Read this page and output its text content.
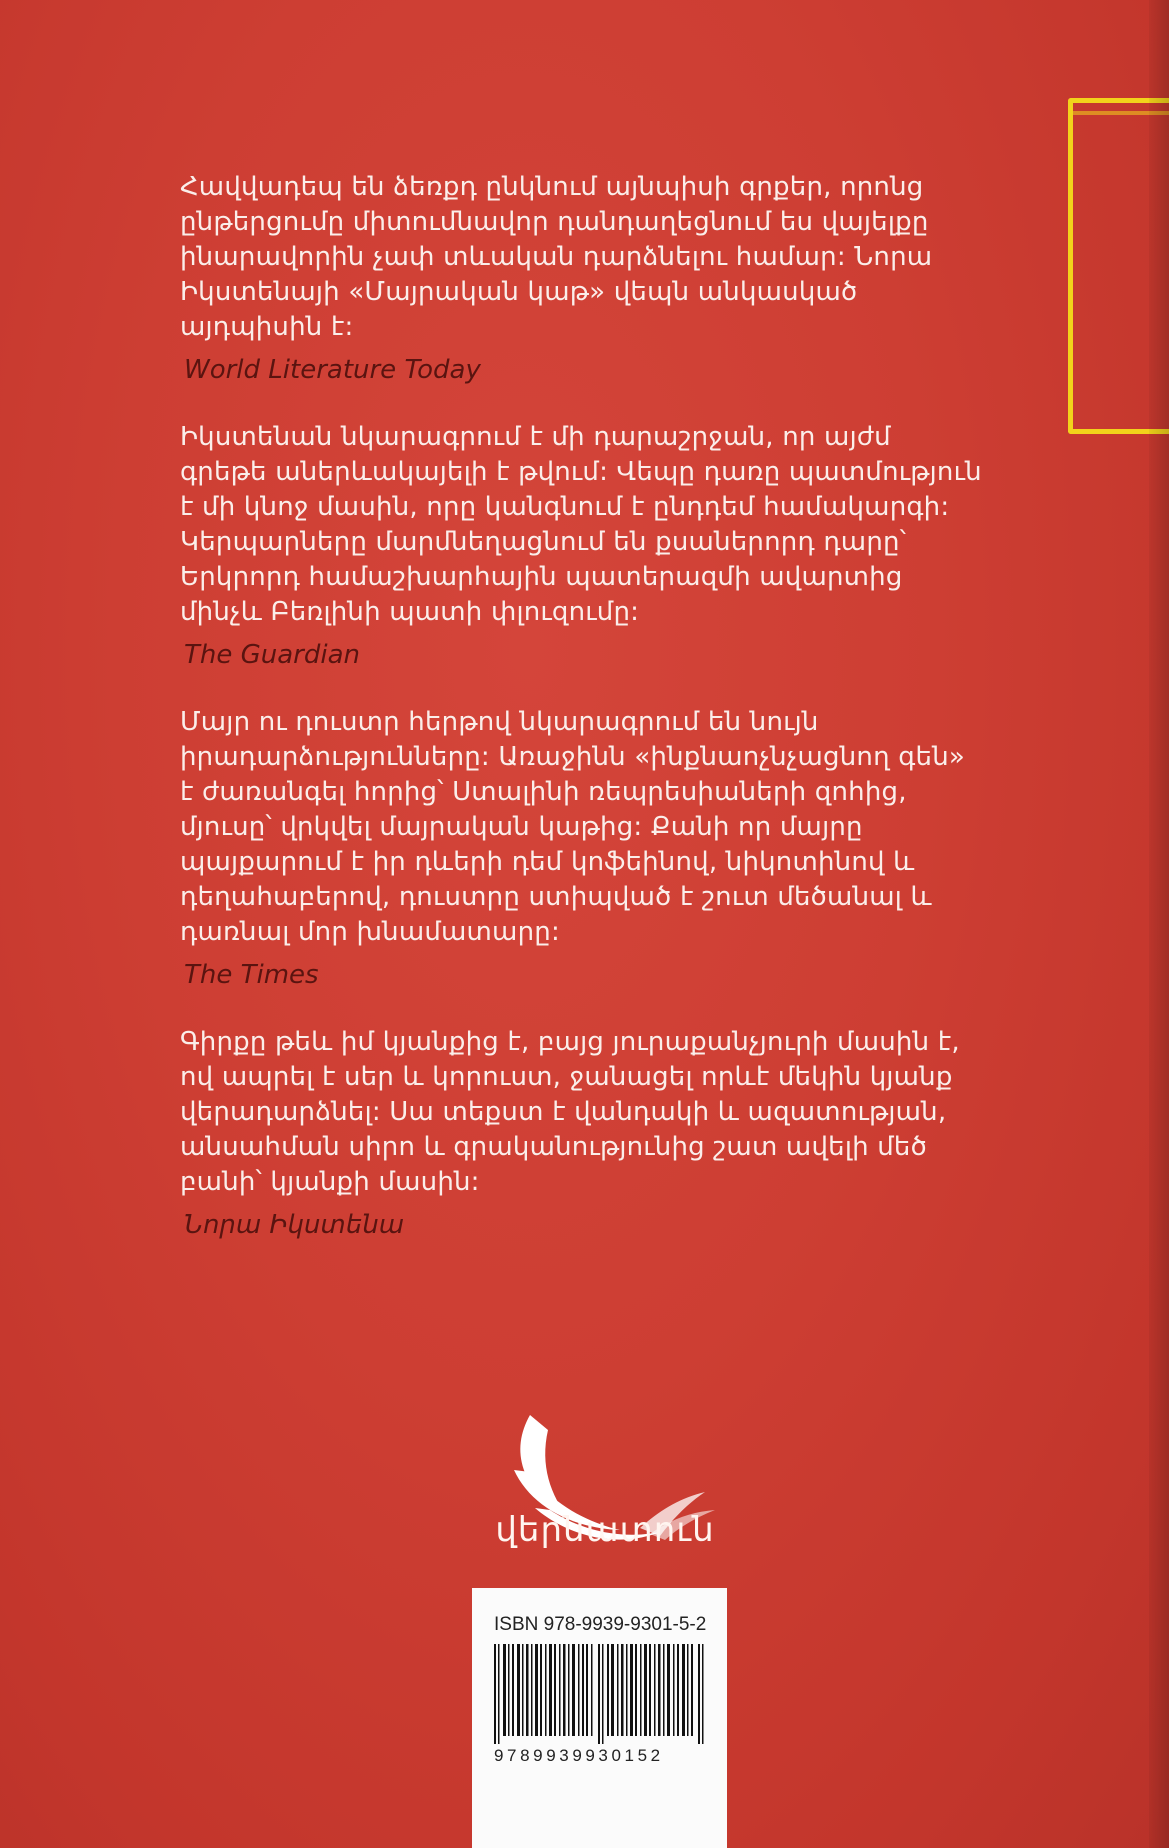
Հավվադեպ են ձեռքդ ընկնում այնպիսի գրքեր, որոնց

ընթերցումը միտումնավոր դանդաղեցնում ես վայելքը

ինարավորին չափ տևական դարձնելու համար: Նորա

Իկստենայի «Մայրական կաթ» վեպն անկասկած

այդպիսին է:

World Literature Today

Իկստենան նկարագրում է մի դարաշրջան, որ այժմ

գրեթե աներևակայելի է թվում: Վեպը դառը պատմություն

է մի կնոջ մասին, որը կանգնում է ընդդեմ համակարգի:

Կերպարները մարմնեղացնում են քսաներորդ դարը՝

Երկրորդ համաշխարհային պատերազմի ավարտից

մինչև Բեռլինի պատի փլուզումը:

The Guardian

Մայր ու դուստր հերթով նկարագրում են նույն

իրադարձությունները: Առաջինն «ինքնաոչնչացնող գեն»

է ժառանգել հորից՝ Ստալինի ռեպրեսիաների զոհից,

մյուսը՝ վրկվել մայրական կաթից: Քանի որ մայրը

պայքարում է իր դևերի դեմ կոֆեինով, նիկոտինով և

դեղահաբերով, դուստրը ստիպված է շուտ մեծանալ և

դառնալ մոր խնամատարը:

The Times

Գիրքը թեև իմ կյանքից է, բայց յուրաքանչյուրի մասին է,

ով ապրել է սեր և կորուստ, ջանացել որևէ մեկին կյանք

վերադարձնել: Սա տեքստ է վանդակի և ազատության,

անսահման սիրո և գրականությունից շատ ավելի մեծ

բանի՝ կյանքի մասին:

Նորա Իկստենա

վերնատուն
ISBN 978-9939-9301-5-2
9789939930152
